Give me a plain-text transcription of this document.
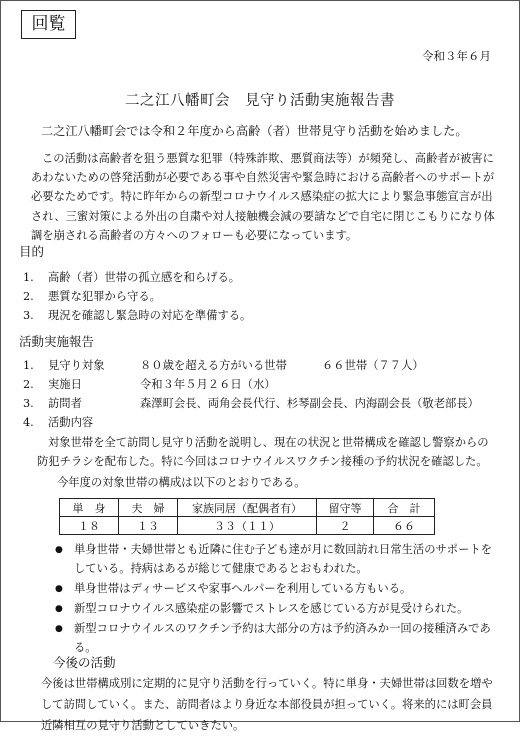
回覧
令和３年６月
二之江八幡町会　見守り活動実施報告書
二之江八幡町会では令和２年度から高齢（者）世帯見守り活動を始めました。

この活動は高齢者を狙う悪質な犯罪（特殊詐欺、悪質商法等）が頻発し、高齢者が被害にあわないための啓発活動が必要である事や自然災害や緊急時における高齢者へのサポートが必要なためです。特に昨年からの新型コロナウイルス感染症の拡大により緊急事態宣言が出され、三蜜対策による外出の自粛や対人接触機会減の要請などで自宅に閉じこもりになり体調を崩される高齢者の方々へのフォローも必要になっています。

目的
1. 高齢（者）世帯の孤立感を和らげる。
2. 悪質な犯罪から守る。
3. 現況を確認し緊急時の対応を準備する。
活動実施報告
1. 見守り対象	８０歳を超える方がいる世帯	６６世帯（７７人）
2. 実施日	令和３年５月２６日（水）
3. 訪問者	森澤町会長、両角会長代行、杉琴副会長、内海副会長（敬老部長）
4. 活動内容

対象世帯を全て訪問し見守り活動を説明し、現在の状況と世帯構成を確認し警察からの防犯チラシを配布した。特に今回はコロナウイルスワクチン接種の予約状況を確認した。

今年度の対象世帯の構成は以下のとおりである。
単　身	夫　婦	家族同居（配偶者有）	留守等	合　計
１８	１３	３３（１１）	２	６６
● 単身世帯・夫婦世帯とも近隣に住む子ども達が月に数回訪れ日常生活のサポートをしている。持病はあるが総じて健康であるとおもわれた。
● 単身世帯はディサービスや家事ヘルパーを利用している方もいる。
● 新型コロナウイルス感染症の影響でストレスを感じている方が見受けられた。
● 新型コロナウイルスのワクチン予約は大部分の方は予約済みか一回の接種済みである。

今後は世帯構成別に定期的に見守り活動を行っていく。特に単身・夫婦世帯は回数を増やして訪問していく。また、訪問者はより身近な本部役員が担っていく。将来的には町会員近隣相互の見守り活動としていきたい。

今後の活動
